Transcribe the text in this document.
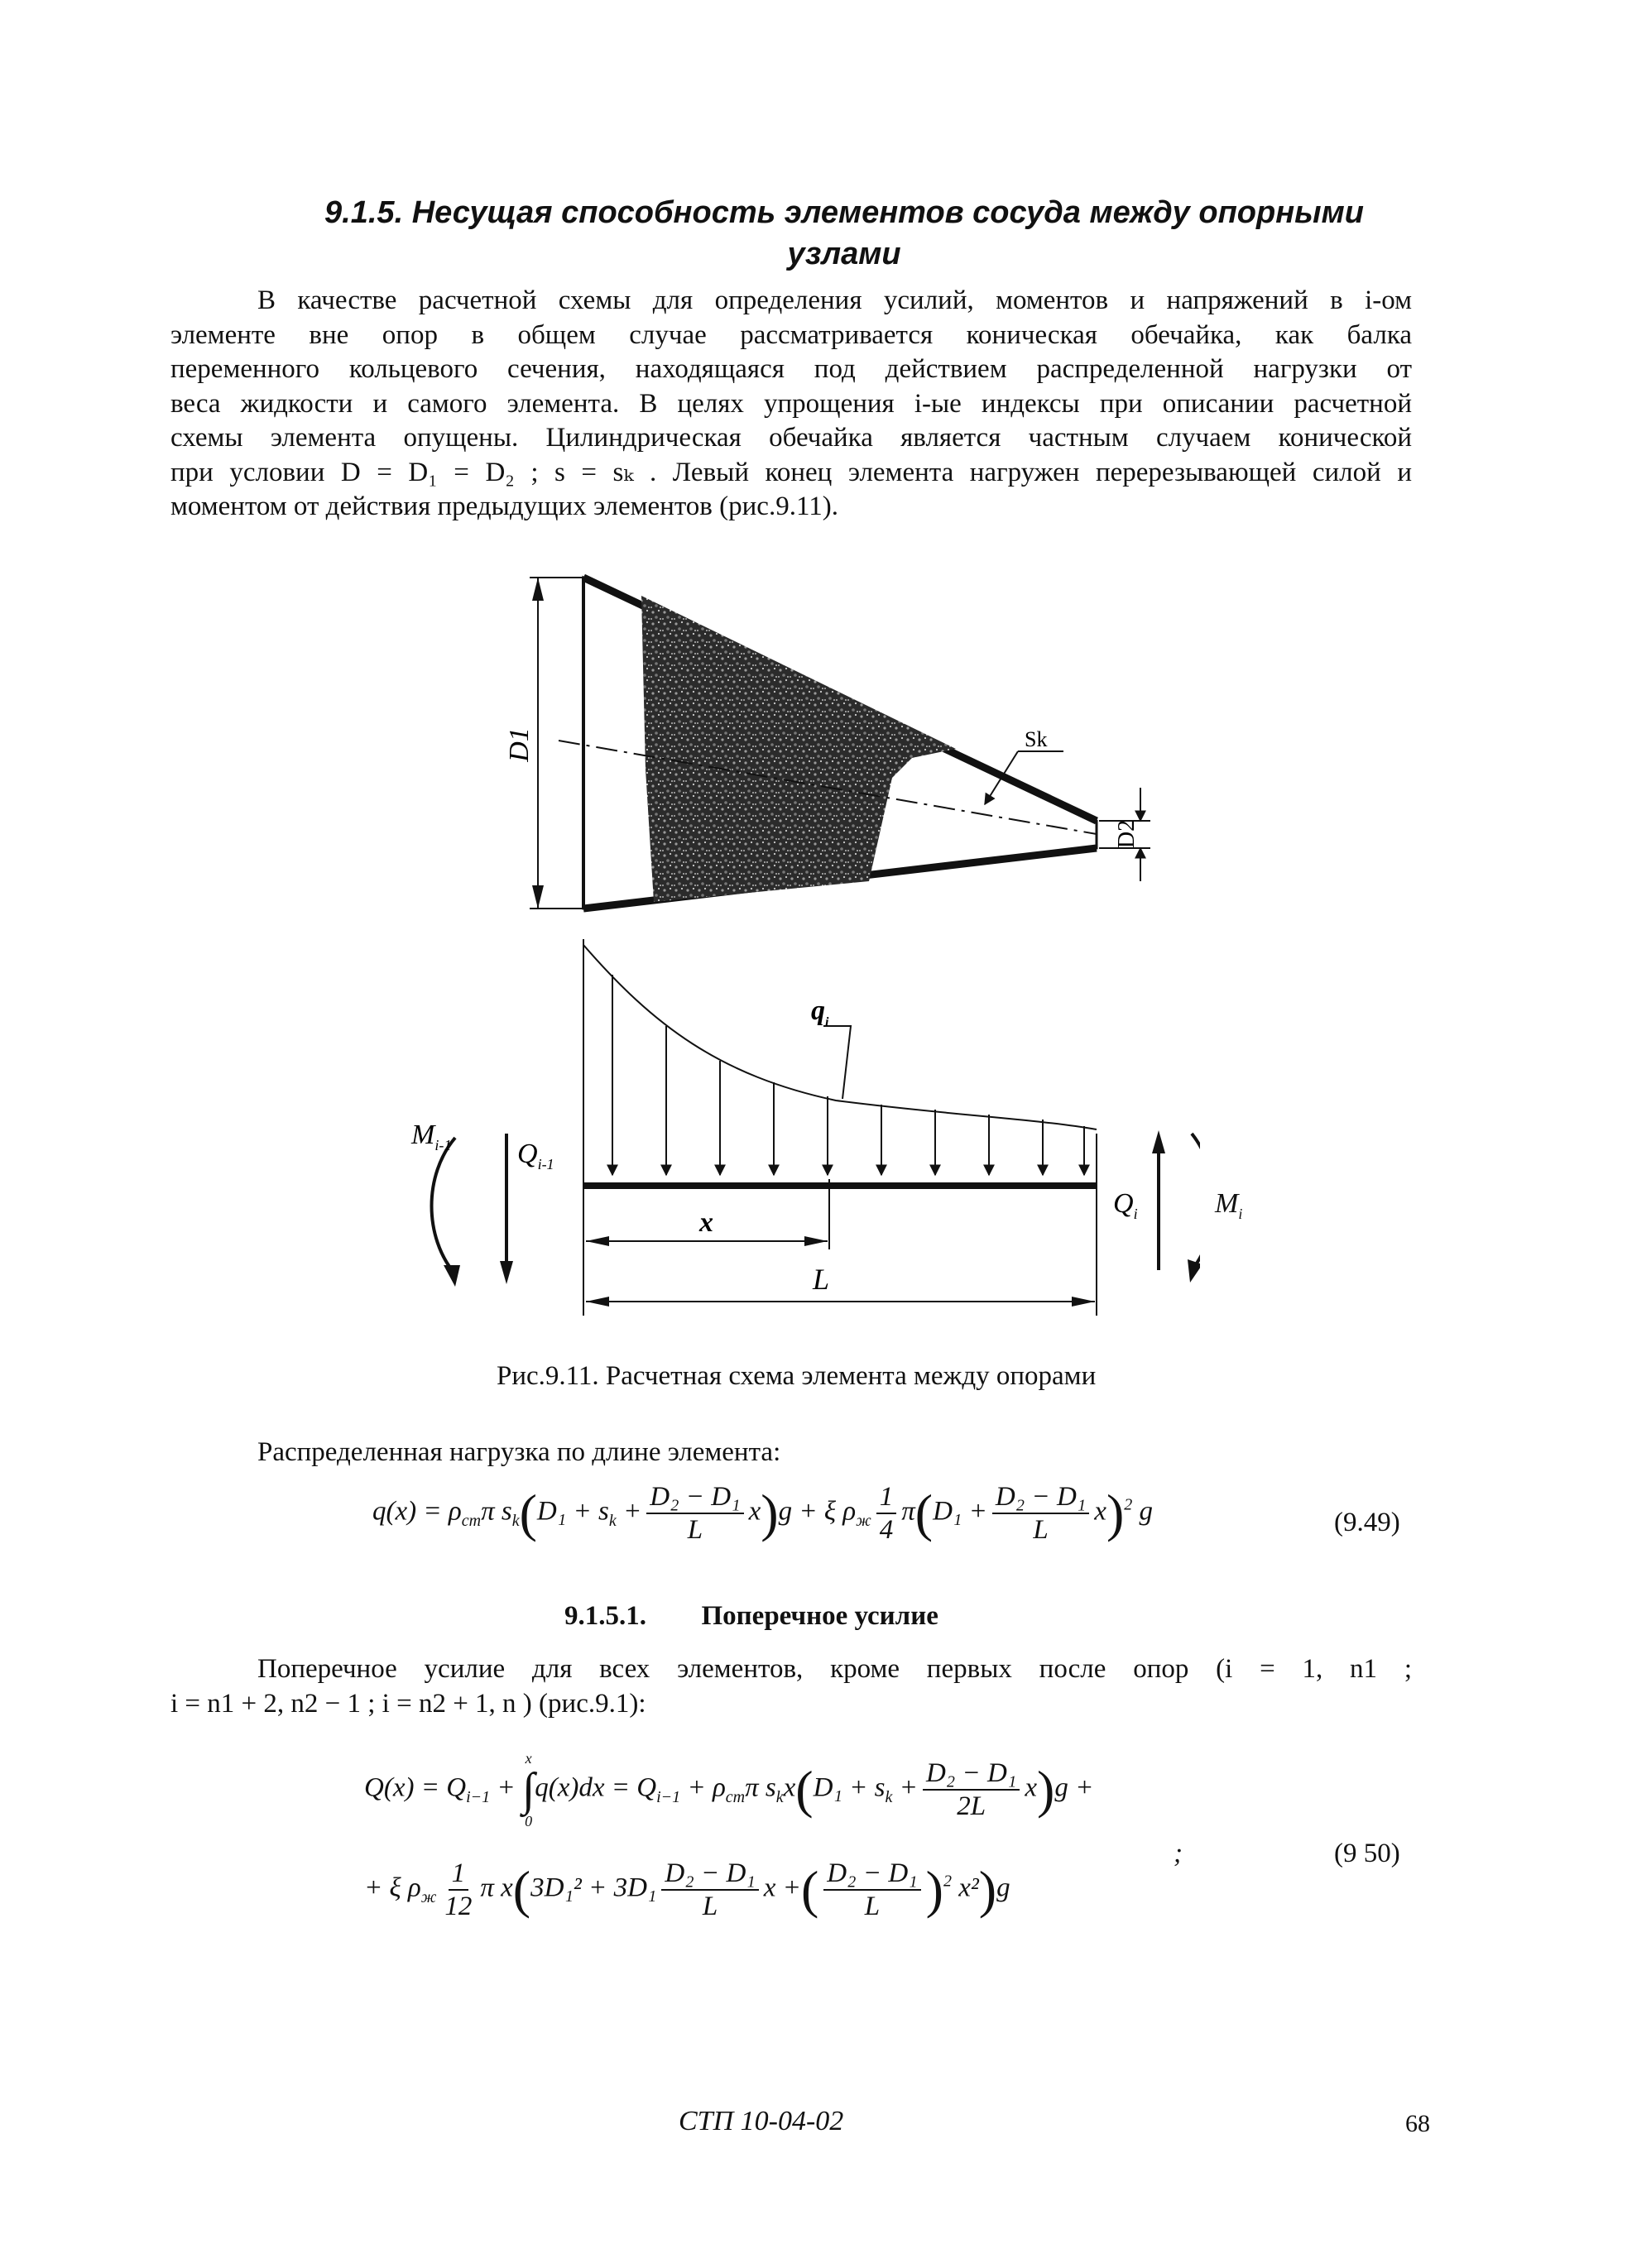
9.1.5. Несущая способность элементов сосуда между опорными
узлами
В качестве расчетной схемы для определения усилий, моментов и напряжений в i-ом
элементе вне опор в общем случае рассматривается коническая обечайка, как балка
переменного кольцевого сечения, находящаяся под действием распределенной нагрузки от
веса жидкости и самого элемента. В целях упрощения i-ые индексы при описании расчетной
схемы элемента опущены. Цилиндрическая обечайка является частным случаем конической
при условии D = D₁ = D₂ ; s = sₖ . Левый конец элемента нагружен перерезывающей силой и
моментом от действия предыдущих элементов (рис.9.11).
D1
D2
Sk
$q_i$
x
L
$M_{i-1}$ $Q_{i-1}$
$Q_i$	$M_i$
Рис.9.11. Расчетная схема элемента между опорами
Распределенная нагрузка по длине элемента:
$q(x) = \rho_{ст}\pi$ $s_k(D_1 + s_k + \frac{\text{D₂ − D₁}}{L} x)g + \xi$ $\rho_ж \frac{1}{4} \pi(D_1 + \frac{\text{D₂ − D₁}}{L} x)^2$ g	(9.49)
9.1.5.1. Поперечное усилие
Поперечное усилие для всех элементов, кроме первых после опор (i = 1, n1 ;
i = n1 + 2, n2 − 1 ; i = n2 + 1, n ) (рис.9.1):
$Q(x) = Q_{i-1}$ +
x
∫
0
$q(x)dx = Q_{i-1} + \rho_{ст}\pi$ $s_kx(D_1 + s_k + \frac{\text{D₂ − D₁}}{2L} x)g$ +
;	(9 50)
+ ξ $\rho_ж \frac{1}{12}$ π $x(3D_1^2 + 3D_1 \frac{\text{D₂ − D₁}}{L}$ x +( $\frac{\text{D₂ − D₁}}{L} )^2$ x²)g
СТП 10-04-02	68
